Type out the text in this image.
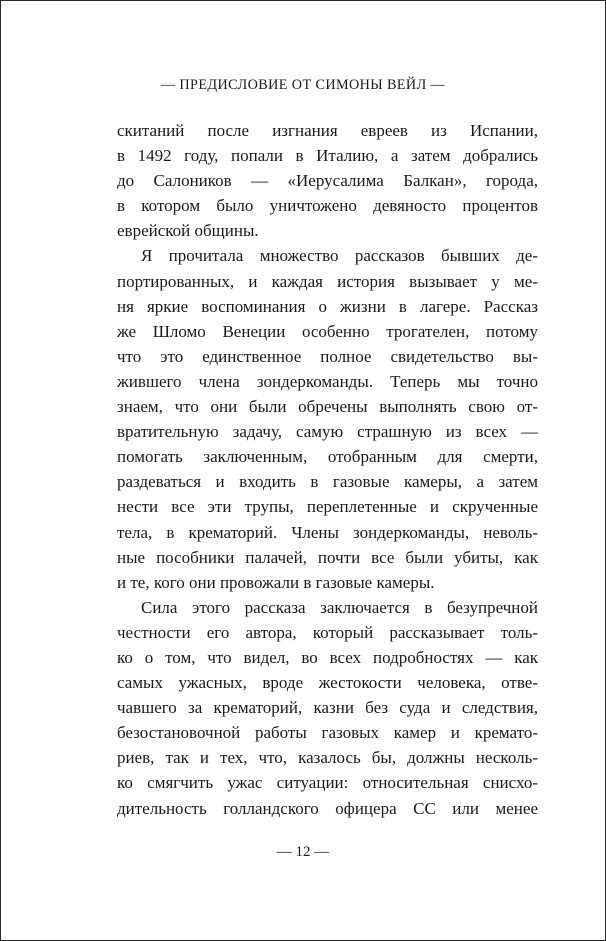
— ПРЕДИСЛОВИЕ ОТ СИМОНЫ ВЕЙЛ —
скитаний после изгнания евреев из Испании,
в 1492 году, попали в Италию, а затем добрались
до Салоников — «Иерусалима Балкан», города,
в котором было уничтожено девяносто процентов
еврейской общины.
Я прочитала множество рассказов бывших де-
портированных, и каждая история вызывает у ме-
ня яркие воспоминания о жизни в лагере. Рассказ
же Шломо Венеции особенно трогателен, потому
что это единственное полное свидетельство вы-
жившего члена зондеркоманды. Теперь мы точно
знаем, что они были обречены выполнять свою от-
вратительную задачу, самую страшную из всех —
помогать заключенным, отобранным для смерти,
раздеваться и входить в газовые камеры, а затем
нести все эти трупы, переплетенные и скрученные
тела, в крематорий. Члены зондеркоманды, неволь-
ные пособники палачей, почти все были убиты, как
и те, кого они провожали в газовые камеры.
Сила этого рассказа заключается в безупречной
честности его автора, который рассказывает толь-
ко о том, что видел, во всех подробностях — как
самых ужасных, вроде жестокости человека, отве-
чавшего за крематорий, казни без суда и следствия,
безостановочной работы газовых камер и кремато-
риев, так и тех, что, казалось бы, должны несколь-
ко смягчить ужас ситуации: относительная снисхо-
дительность голландского офицера СС или менее
— 12 —
